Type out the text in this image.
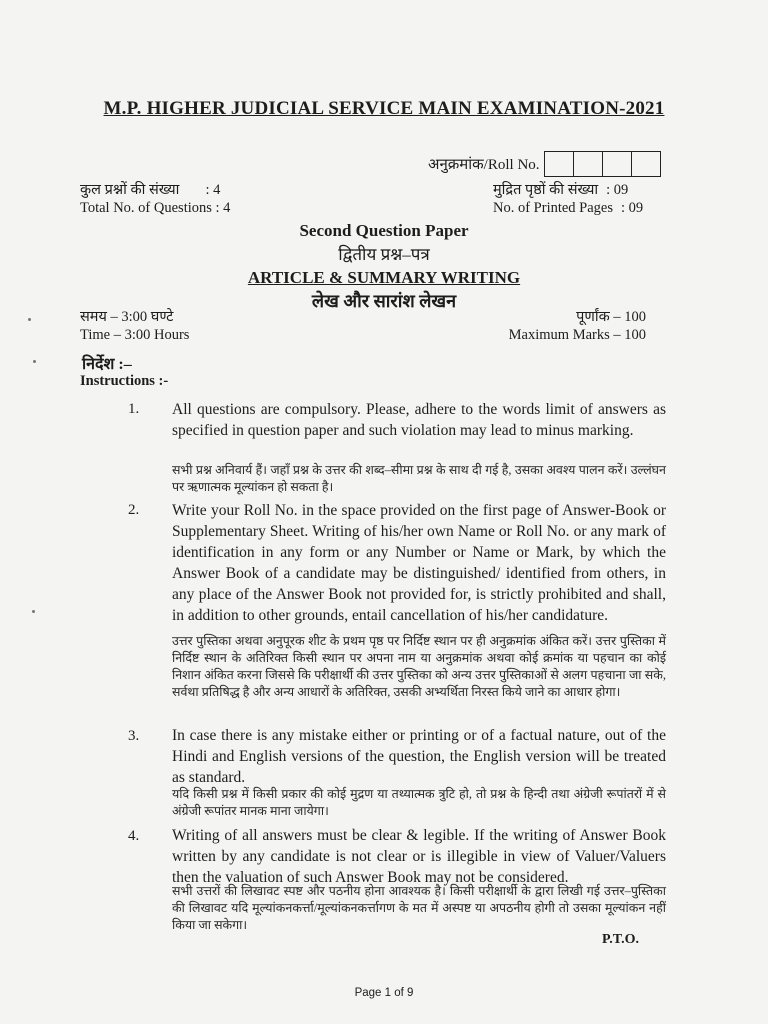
M.P. HIGHER JUDICIAL SERVICE MAIN EXAMINATION-2021
अनुक्रमांक/Roll No.
कुल प्रश्नों की संख्या : 4
Total No. of Questions : 4
मुद्रित पृष्ठों की संख्या : 09
No. of Printed Pages : 09
Second Question Paper
द्वितीय प्रश्न–पत्र
ARTICLE & SUMMARY WRITING
लेख और सारांश लेखन
समय – 3:00 घण्टे
Time – 3:00 Hours
पूर्णांक – 100
Maximum Marks – 100
निर्देश :–
Instructions :-
1. All questions are compulsory. Please, adhere to the words limit of answers as specified in question paper and such violation may lead to minus marking.
सभी प्रश्न अनिवार्य हैं। जहाँ प्रश्न के उत्तर की शब्द–सीमा प्रश्न के साथ दी गई है, उसका अवश्य पालन करें। उल्लंघन पर ऋणात्मक मूल्यांकन हो सकता है।
2. Write your Roll No. in the space provided on the first page of Answer-Book or Supplementary Sheet. Writing of his/her own Name or Roll No. or any mark of identification in any form or any Number or Name or Mark, by which the Answer Book of a candidate may be distinguished/ identified from others, in any place of the Answer Book not provided for, is strictly prohibited and shall, in addition to other grounds, entail cancellation of his/her candidature.
उत्तर पुस्तिका अथवा अनुपूरक शीट के प्रथम पृष्ठ पर निर्दिष्ट स्थान पर ही अनुक्रमांक अंकित करें। उत्तर पुस्तिका में निर्दिष्ट स्थान के अतिरिक्त किसी स्थान पर अपना नाम या अनुक्रमांक अथवा कोई क्रमांक या पहचान का कोई निशान अंकित करना जिससे कि परीक्षार्थी की उत्तर पुस्तिका को अन्य उत्तर पुस्तिकाओं से अलग पहचाना जा सके, सर्वथा प्रतिषिद्ध है और अन्य आधारों के अतिरिक्त, उसकी अभ्यर्थिता निरस्त किये जाने का आधार होगा।
3. In case there is any mistake either or printing or of a factual nature, out of the Hindi and English versions of the question, the English version will be treated as standard.
यदि किसी प्रश्न में किसी प्रकार की कोई मुद्रण या तथ्यात्मक त्रुटि हो, तो प्रश्न के हिन्दी तथा अंग्रेजी रूपांतरों में से अंग्रेजी रूपांतर मानक माना जायेगा।
4. Writing of all answers must be clear & legible. If the writing of Answer Book written by any candidate is not clear or is illegible in view of Valuer/Valuers then the valuation of such Answer Book may not be considered.
सभी उत्तरों की लिखावट स्पष्ट और पठनीय होना आवश्यक है। किसी परीक्षार्थी के द्वारा लिखी गई उत्तर–पुस्तिका की लिखावट यदि मूल्यांकनकर्त्ता/मूल्यांकनकर्त्तागण के मत में अस्पष्ट या अपठनीय होगी तो उसका मूल्यांकन नहीं किया जा सकेगा।
P.T.O.
Page 1 of 9
